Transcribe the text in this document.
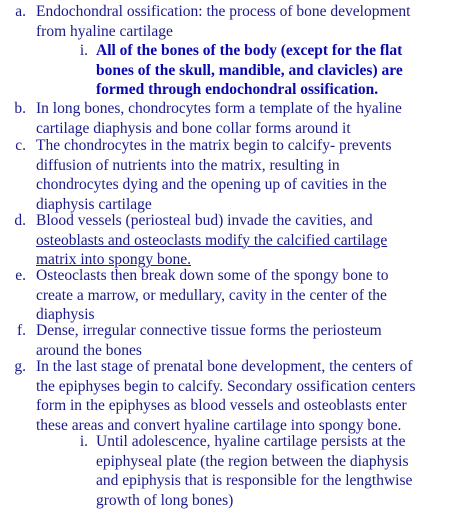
a. Endochondral ossification: the process of bone development
from hyaline cartilage
i. All of the bones of the body (except for the flat
bones of the skull, mandible, and clavicles) are
formed through endochondral ossification.
b. In long bones, chondrocytes form a template of the hyaline
cartilage diaphysis and bone collar forms around it
c. The chondrocytes in the matrix begin to calcify- prevents
diffusion of nutrients into the matrix, resulting in
chondrocytes dying and the opening up of cavities in the
diaphysis cartilage
d. Blood vessels (periosteal bud) invade the cavities, and
osteoblasts and osteoclasts modify the calcified cartilage
matrix into spongy bone.
e. Osteoclasts then break down some of the spongy bone to
create a marrow, or medullary, cavity in the center of the
diaphysis
f. Dense, irregular connective tissue forms the periosteum
around the bones
g. In the last stage of prenatal bone development, the centers of
the epiphyses begin to calcify. Secondary ossification centers
form in the epiphyses as blood vessels and osteoblasts enter
these areas and convert hyaline cartilage into spongy bone.
i. Until adolescence, hyaline cartilage persists at the
epiphyseal plate (the region between the diaphysis
and epiphysis that is responsible for the lengthwise
growth of long bones)
